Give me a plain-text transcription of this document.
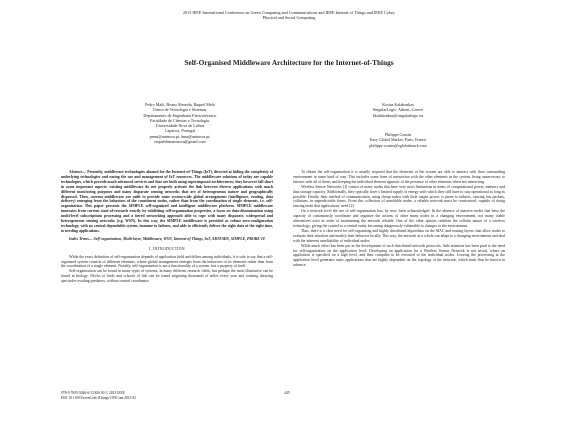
2013 IEEE International Conference on Green Computing and Communications and IEEE Internet of Things and IEEE Cyber,
Physical and Social Computing
Self-Organised Middleware Architecture for the Internet-of-Things
Pedro Maló, Bruno Almeida, Raquel Melo
Centro de Tecnologia e Sistemas,
Departamento de Engenharia Electrotécnica,
Faculdade de Ciências e Tecnologia,
Universidade Nova de Lisboa
Caparica, Portugal
pmm@uninova.pt, bma@uninova.pt,
raquelsbmuninova@gmail.com
Kostas Kalaboukas
SingularLogic, Athens, Greece
kkalaboukas@singularlogic.eu
Philippe Cousin
Easy Global Market, Paris, France
philippe.cousin@eglobalmark.com

Abstract— Presently, middleware technologies abound for the Internet-of-Things (IoT), directed at hiding the complexity of underlying technologies and easing the use and management of IoT resources. The middleware solutions of today are capable technologies, which provide much advanced services and that are built using superimposed architectures; they however fall short in some important aspects: existing middleware do not properly activate the link between diverse applications with much different monitoring purposes and many disparate sensing networks that are of heterogeneous nature and geographically dispersed. Then, current middleware are unfit to provide some system-wide global arrangement (intelligence, routing, data delivery) emerging from the behaviors of the constituent nodes, rather than from the coordination of single elements, i.e. self-organization. This paper presents the SIMPLE self-organized and intelligent middleware platform. SIMPLE middleware innovates from current state-of-research exactly by exhibiting self-organization properties, a focus on data-dissemination using multi-level subscriptions processing and a tiered networking approach able to cope with many disparate, widespread and heterogeneous sensing networks (e.g. WSN). In this way, the SIMPLE middleware is provided as robust zero-configuration technology, with no central dependable system, immune to failures, and able to efficiently deliver the right data at the right time, to needing applications.

Index Terms— Self-organisation, Multi-layer, Middleware, WSN, Internet of Things, IoT, ARTEMIS, SIMPLE, PROBE-IT.

I. INTRODUCTION

While the exact definition of self-organization depends of application field and differs among individuals, it is safe to say that a self-organized system consists of different elements, whose global arrangement emerges from the behaviors of its elements rather than from the coordination of a single element. Notably, self-organization is not a functionality of a system, but a property of itself.

Self-organization can be found in many types of systems, in many different research fields, but perhaps the most illustrative can be found in biology. Flocks of birds and schools of fish can be found migrating thousands of miles every year and creating dizzying spectacles evading predators, without central coordinator.

To obtain the self-organization it is usually required that the elements of the system are able to interact with their surrounding environment in some kind of way. This includes some form of interaction with the other elements in the system, being unnecessary to interact with all of them, and keeping the individual element agnostic of the presence of other elements when not interacting.

Wireless Sensor Networks [1] consist of many nodes that have very strict limitations in terms of computational power, memory and data storage capacity. Additionally, they typically have a limited supply of energy with which they still have to stay operational as long as possible. Finally, their method of communication, using cheap radios with little output power, is prone to failures, causing lost packets, collisions, in unpredictable forms. From this collection of unreliable nodes, a reliable network must be constructed, capable of doing sensing tasks that applications' need [2].

On a network level the use of self-organization has, by now, been acknowledged. In the absence of massive nodes that have the capacity of continuously coordinate and organize the actions of other many nodes in a changing environment, not many viable alternatives exist in order of maintaining the network reliable. One of the other options redefine the cellular nature of a wireless technology, giving the control to a central entity becoming dangerously vulnerable to changes in the environment.

Thus, there is a clear need for self-organizing and highly distributed algorithms on the MAC and routing layers, that allow nodes to evaluate their situation and modify their behavior locally. This way, the network as a whole can adapt to a changing environment and deal with the inherent unreliability of individual nodes.

While much effort has been put in the development of such distributed network protocols, little attention has been paid to the need for self-organization on the application level. Developing an application for a Wireless Sensor Network is not trivial, where an application is specified on a high level, and then compiled to be executed to the individual nodes. Leaving the processing at the application level generates static applications that are highly dependent on the topology of the network, which must thus be known in advance.

978-0-7695-5046-6/13 $26.00 © 2013 IEEE
DOI 10.1109/GreenCom-iThings-CPSCom.2013.92
445
